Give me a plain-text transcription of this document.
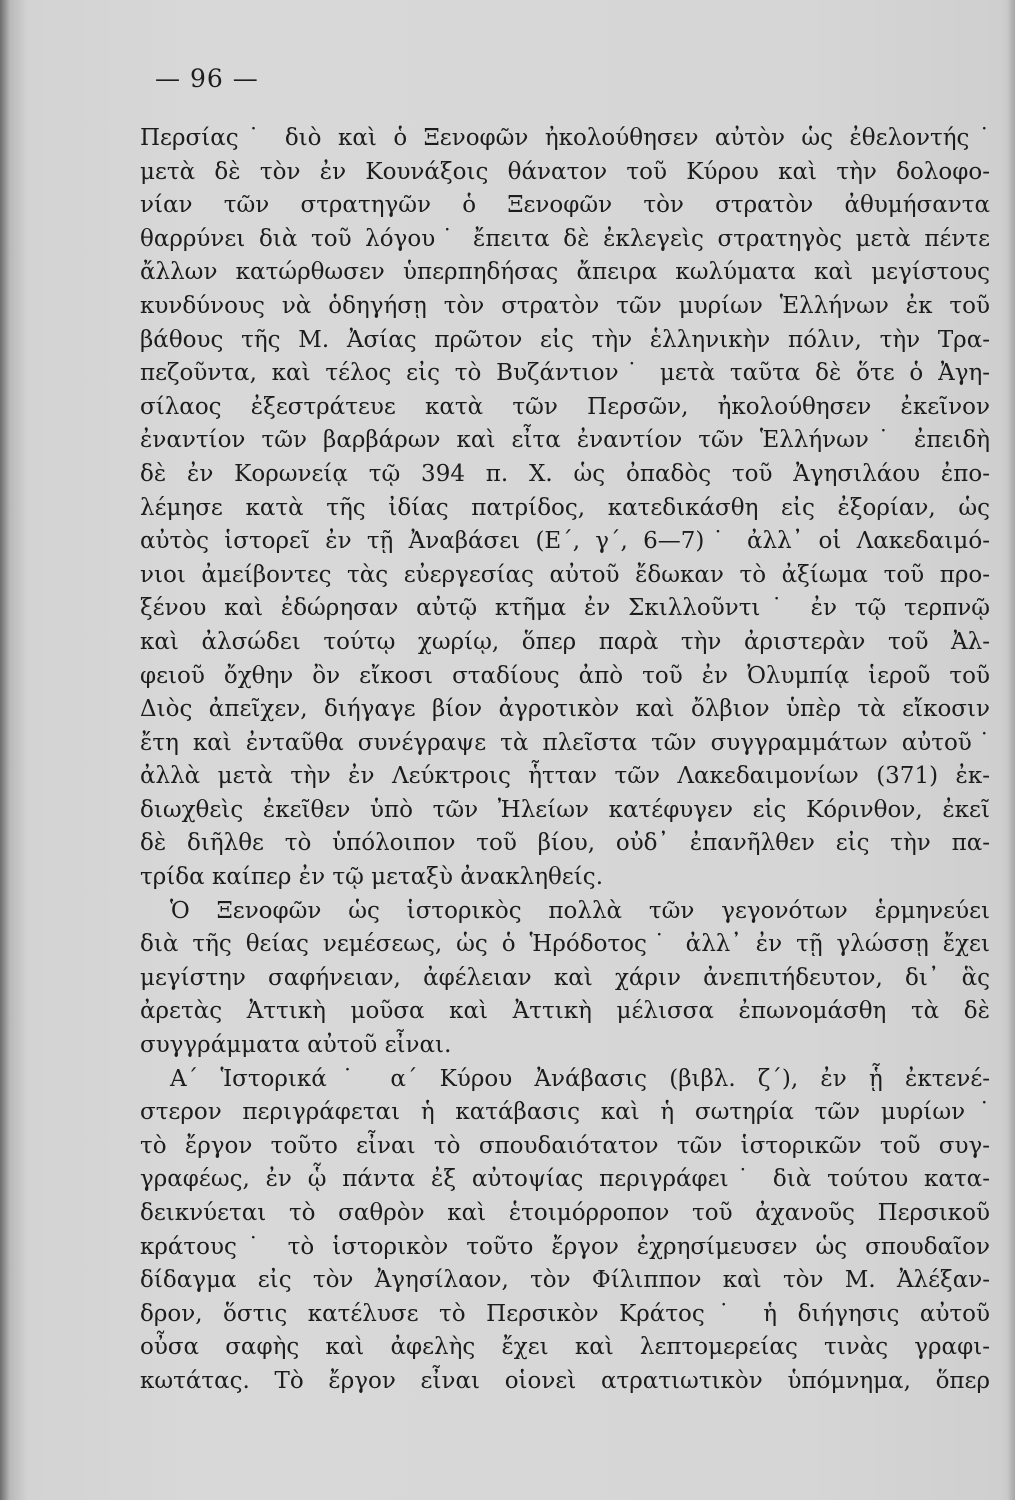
— 96 —
Περσίας˙ διὸ καὶ ὁ Ξενοφῶν ἠκολούθησεν αὐτὸν ὡς ἐθελοντής˙
μετὰ δὲ τὸν ἐν Κουνάξοις θάνατον τοῦ Κύρου καὶ τὴν δολοφο-
νίαν τῶν στρατηγῶν ὁ Ξενοφῶν τὸν στρατὸν ἀθυμήσαντα
θαρρύνει διὰ τοῦ λόγου˙ ἔπειτα δὲ ἐκλεγεὶς στρατηγὸς μετὰ πέντε
ἄλλων κατώρθωσεν ὑπερπηδήσας ἄπειρα κωλύματα καὶ μεγίστους
κυνδύνους νὰ ὁδηγήσῃ τὸν στρατὸν τῶν μυρίων Ἑλλήνων ἐκ τοῦ
βάθους τῆς Μ. Ἀσίας πρῶτον εἰς τὴν ἑλληνικὴν πόλιν, τὴν Τρα-
πεζοῦντα, καὶ τέλος εἰς τὸ Βυζάντιον˙ μετὰ ταῦτα δὲ ὅτε ὁ Ἀγη-
σίλαος ἐξεστράτευε κατὰ τῶν Περσῶν, ἠκολούθησεν ἐκεῖνον
ἐναντίον τῶν βαρβάρων καὶ εἶτα ἐναντίον τῶν Ἑλλήνων˙ ἐπειδὴ
δὲ ἐν Κορωνείᾳ τῷ 394 π. Χ. ὡς ὀπαδὸς τοῦ Ἀγησιλάου ἐπο-
λέμησε κατὰ τῆς ἰδίας πατρίδος, κατεδικάσθη εἰς ἐξορίαν, ὡς
αὐτὸς ἱστορεῖ ἐν τῇ Ἀναβάσει (Ε΄, γ΄, 6—7)˙ ἀλλ᾽ οἱ Λακεδαιμό-
νιοι ἀμείβοντες τὰς εὐεργεσίας αὐτοῦ ἔδωκαν τὸ ἀξίωμα τοῦ προ-
ξένου καὶ ἐδώρησαν αὐτῷ κτῆμα ἐν Σκιλλοῦντι˙ ἐν τῷ τερπνῷ
καὶ ἀλσώδει τούτῳ χωρίῳ, ὅπερ παρὰ τὴν ἀριστερὰν τοῦ Ἀλ-
φειοῦ ὄχθην ὂν εἴκοσι σταδίους ἀπὸ τοῦ ἐν Ὀλυμπίᾳ ἱεροῦ τοῦ
Διὸς ἀπεῖχεν, διήγαγε βίον ἀγροτικὸν καὶ ὄλβιον ὑπὲρ τὰ εἴκοσιν
ἔτη καὶ ἐνταῦθα συνέγραψε τὰ πλεῖστα τῶν συγγραμμάτων αὐτοῦ˙
ἀλλὰ μετὰ τὴν ἐν Λεύκτροις ἧτταν τῶν Λακεδαιμονίων (371) ἐκ-
διωχθεὶς ἐκεῖθεν ὑπὸ τῶν Ἠλείων κατέφυγεν εἰς Κόρινθον, ἐκεῖ
δὲ διῆλθε τὸ ὑπόλοιπον τοῦ βίου, οὐδ᾽ ἐπανῆλθεν εἰς τὴν πα-
τρίδα καίπερ ἐν τῷ μεταξὺ ἀνακληθείς.
Ὁ Ξενοφῶν ὡς ἱστορικὸς πολλὰ τῶν γεγονότων ἑρμηνεύει
διὰ τῆς θείας νεμέσεως, ὡς ὁ Ἡρόδοτος˙ ἀλλ᾽ ἐν τῇ γλώσσῃ ἔχει
μεγίστην σαφήνειαν, ἀφέλειαν καὶ χάριν ἀνεπιτήδευτον, δι᾽ ἃς
ἀρετὰς Ἀττικὴ μοῦσα καὶ Ἀττικὴ μέλισσα ἐπωνομάσθη τὰ δὲ
συγγράμματα αὐτοῦ εἶναι.
Α΄ Ἱστορικά˙ α΄ Κύρου Ἀνάβασις (βιβλ. ζ΄), ἐν ᾗ ἐκτενέ-
στερον περιγράφεται ἡ κατάβασις καὶ ἡ σωτηρία τῶν μυρίων˙
τὸ ἔργον τοῦτο εἶναι τὸ σπουδαιότατον τῶν ἱστορικῶν τοῦ συγ-
γραφέως, ἐν ᾧ πάντα ἐξ αὐτοψίας περιγράφει˙ διὰ τούτου κατα-
δεικνύεται τὸ σαθρὸν καὶ ἑτοιμόρροπον τοῦ ἀχανοῦς Περσικοῦ
κράτους˙ τὸ ἱστορικὸν τοῦτο ἔργον ἐχρησίμευσεν ὡς σπουδαῖον
δίδαγμα εἰς τὸν Ἀγησίλαον, τὸν Φίλιππον καὶ τὸν Μ. Ἀλέξαν-
δρον, ὅστις κατέλυσε τὸ Περσικὸν Κράτος˙ ἡ διήγησις αὐτοῦ
οὖσα σαφὴς καὶ ἀφελὴς ἔχει καὶ λεπτομερείας τινὰς γραφι-
κωτάτας. Τὸ ἔργον εἶναι οἱονεὶ ατρατιωτικὸν ὑπόμνημα, ὅπερ
